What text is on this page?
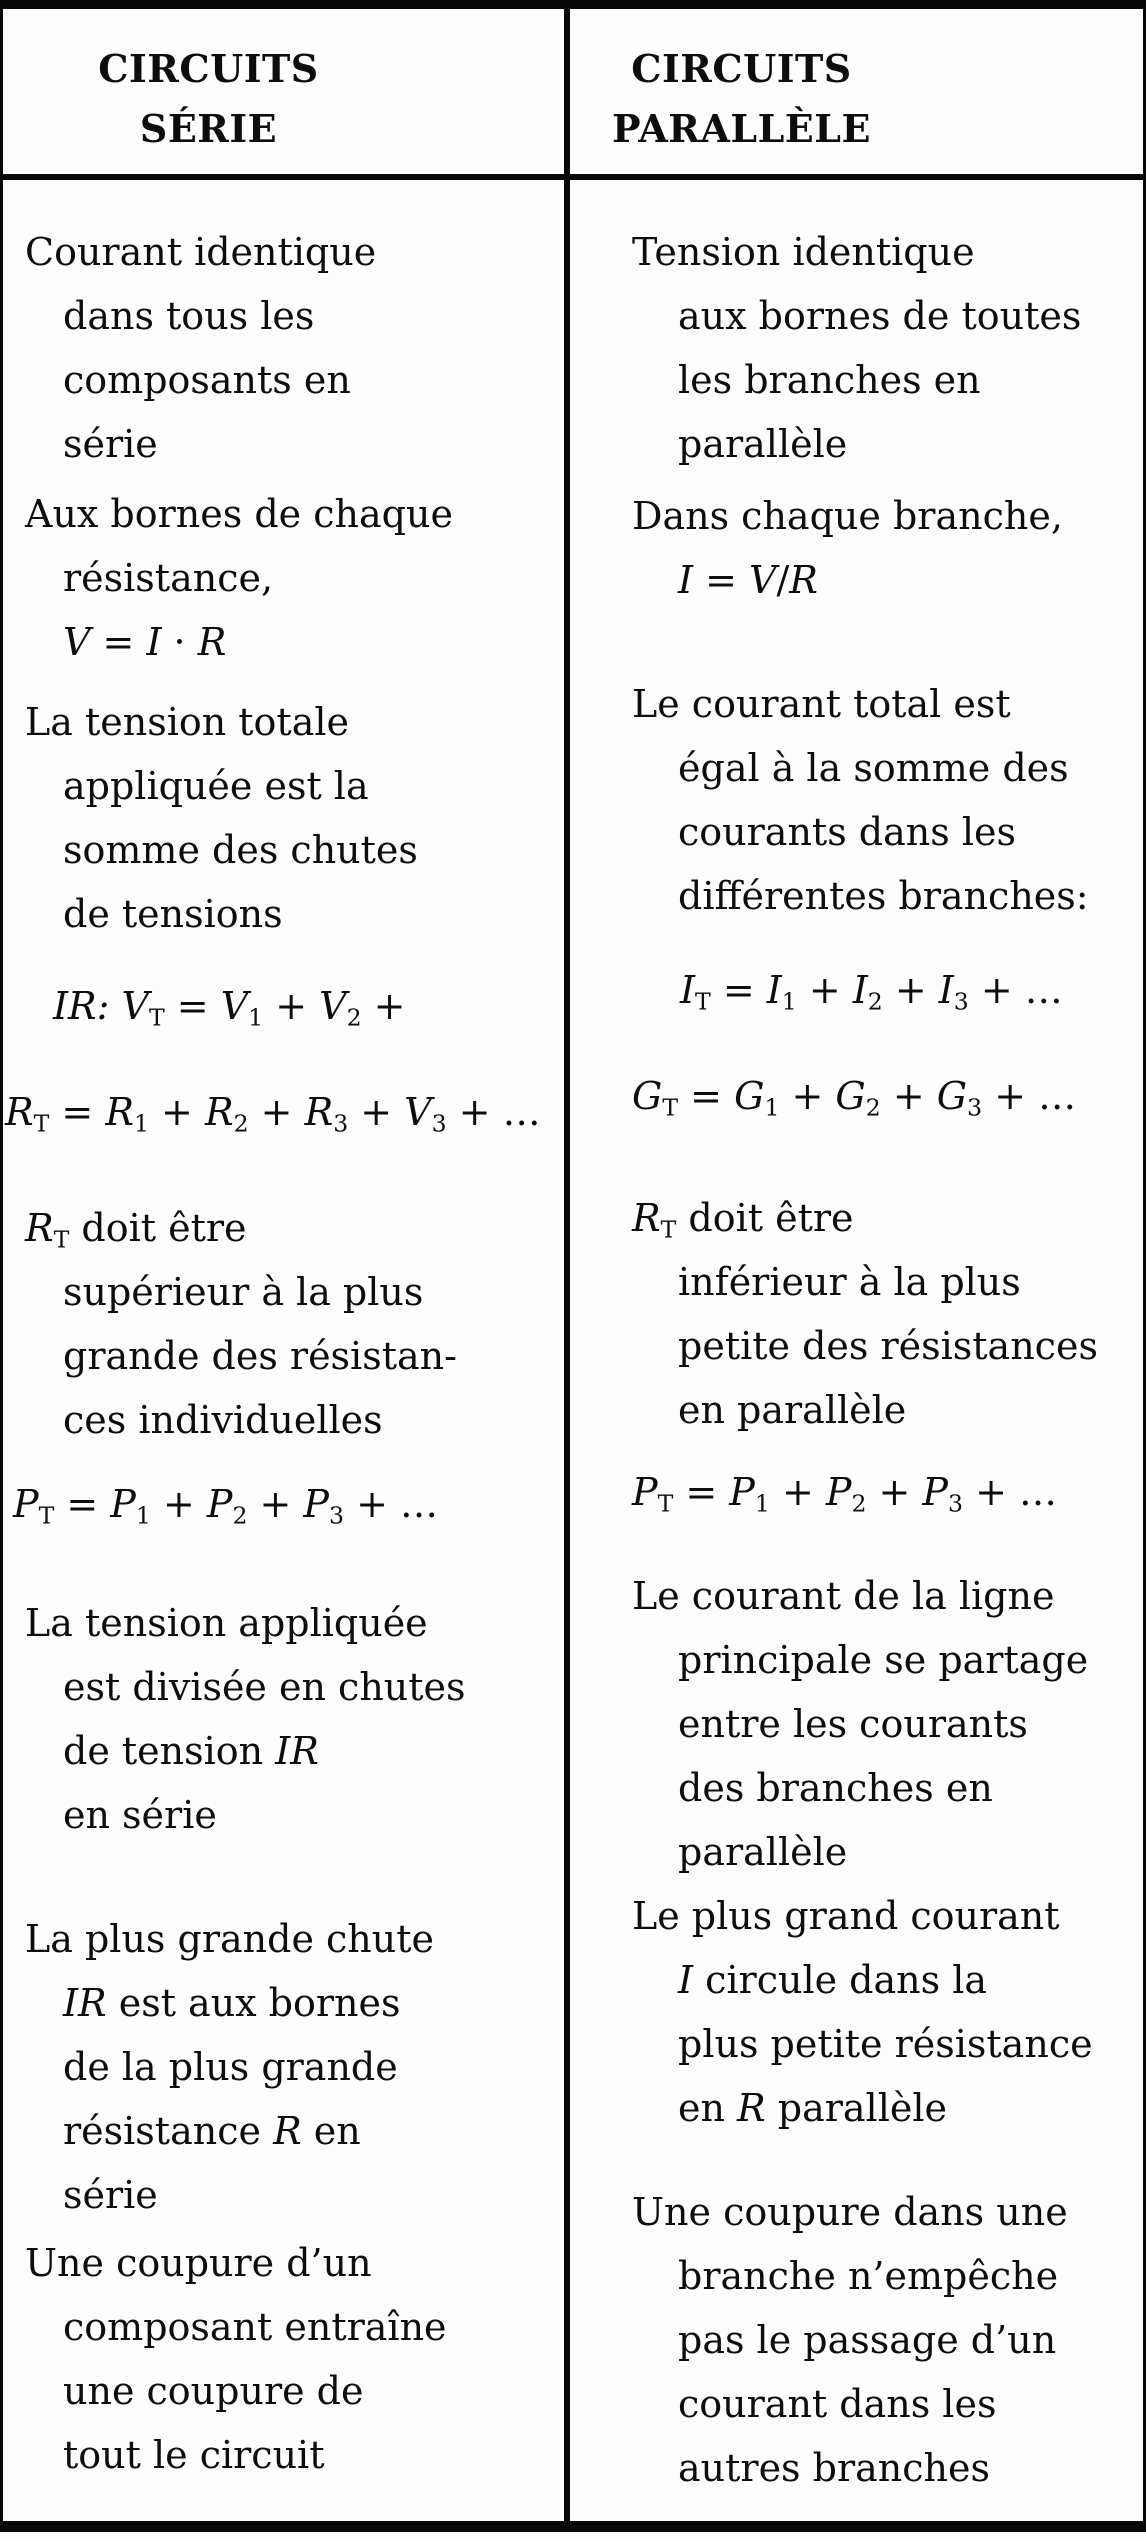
CIRCUITS
SÉRIE
Courant identique
dans tous les
composants en
série
Aux bornes de chaque
résistance,
V = I · R
La tension totale
appliquée est la
somme des chutes
de tensions
IR: $V_T = V_1 + V_2$ +
$R_T = R_1 + R_2 + R_3 + V_3$ + …
$R_T$ doit être
supérieur à la plus
grande des résistan-
ces individuelles
$P_T = P_1 + P_2 + P_3$ + …
La tension appliquée
est divisée en chutes
de tension IR
en série
La plus grande chute
IR est aux bornes
de la plus grande
résistance R en
série
Une coupure d’un
composant entraîne
une coupure de
tout le circuit
CIRCUITS
PARALLÈLE
Tension identique
aux bornes de toutes
les branches en
parallèle
Dans chaque branche,
I = V/R
Le courant total est
égal à la somme des
courants dans les
différentes branches:
$I_T = I_1 + I_2 + I_3$ + …
$G_T = G_1 + G_2 + G_3$ + …
$R_T$ doit être
inférieur à la plus
petite des résistances
en parallèle
$P_T = P_1 + P_2 + P_3$ + …
Le courant de la ligne
principale se partage
entre les courants
des branches en
parallèle
Le plus grand courant
I circule dans la
plus petite résistance
en R parallèle
Une coupure dans une
branche n’empêche
pas le passage d’un
courant dans les
autres branches
